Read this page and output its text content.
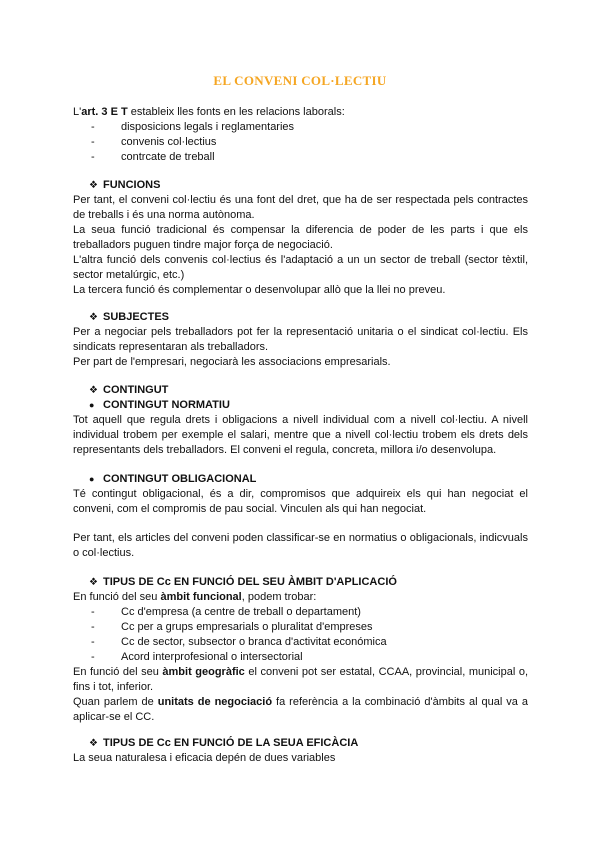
EL CONVENI COL·LECTIU
L'art. 3 E T estableix lles fonts en les relacions laborals:
-	disposicions legals i reglamentaries
-	convenis col·lectius
-	contrcate de treball
❖ FUNCIONS
Per tant, el conveni col·lectiu és una font del dret, que ha de ser respectada pels contractes de treballs i és una norma autònoma.
La seua funció tradicional és compensar la diferencia de poder de les parts i que els treballadors puguen tindre major força de negociació.
L'altra funció dels convenis col·lectius és l'adaptació a un un sector de treball (sector tèxtil, sector metalúrgic, etc.)
La tercera funció és complementar o desenvolupar allò que la llei no preveu.
❖ SUBJECTES
Per a negociar pels treballadors pot fer la representació unitaria o el sindicat col·lectiu. Els sindicats representaran als treballadors.
Per part de l'empresari, negociarà les associacions empresarials.
❖ CONTINGUT
● CONTINGUT NORMATIU
Tot aquell que regula drets i obligacions a nivell individual com a nivell col·lectiu. A nivell individual trobem per exemple el salari, mentre que a nivell col·lectiu trobem els drets dels representants dels treballadors. El conveni el regula, concreta, millora i/o desenvolupa.
● CONTINGUT OBLIGACIONAL
Té contingut obligacional, és a dir, compromisos que adquireix els qui han negociat el conveni, com el compromis de pau social. Vinculen als qui han negociat.
Per tant, els articles del conveni poden classificar-se en normatius o obligacionals, indicvuals o col·lectius.
❖ TIPUS DE Cc EN FUNCIÓ DEL SEU ÀMBIT D'APLICACIÓ
En funció del seu àmbit funcional, podem trobar:
-	Cc d'empresa (a centre de treball o departament)
-	Cc per a grups empresarials o pluralitat d'empreses
-	Cc de sector, subsector o branca d'activitat económica
-	Acord interprofesional o intersectorial
En funció del seu àmbit geogràfic el conveni pot ser estatal, CCAA, provincial, municipal o, fins i tot, inferior.
Quan parlem de unitats de negociació fa referència a la combinació d'àmbits al qual va a aplicar-se el CC.
❖ TIPUS DE Cc EN FUNCIÓ DE LA SEUA EFICÀCIA
La seua naturalesa i eficacia depén de dues variables
